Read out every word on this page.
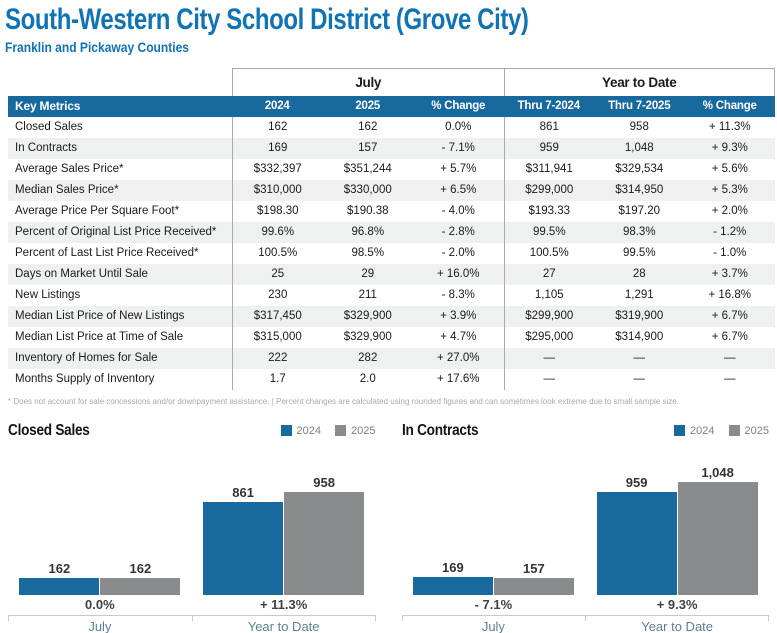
South-Western City School District (Grove City)
Franklin and Pickaway Counties
July	Year to Date
Key Metrics	2024	2025	% Change	Thru 7-2024	Thru 7-2025	% Change
Closed Sales	162	162	0.0%	861	958	+ 11.3%
In Contracts	169	157	- 7.1%	959	1,048	+ 9.3%
Average Sales Price*	$332,397	$351,244	+ 5.7%	$311,941	$329,534	+ 5.6%
Median Sales Price*	$310,000	$330,000	+ 6.5%	$299,000	$314,950	+ 5.3%
Average Price Per Square Foot*	$198.30	$190.38	- 4.0%	$193.33	$197.20	+ 2.0%
Percent of Original List Price Received*	99.6%	96.8%	- 2.8%	99.5%	98.3%	- 1.2%
Percent of Last List Price Received*	100.5%	98.5%	- 2.0%	100.5%	99.5%	- 1.0%
Days on Market Until Sale	25	29	+ 16.0%	27	28	+ 3.7%
New Listings	230	211	- 8.3%	1,105	1,291	+ 16.8%
Median List Price of New Listings	$317,450	$329,900	+ 3.9%	$299,900	$319,900	+ 6.7%
Median List Price at Time of Sale	$315,000	$329,900	+ 4.7%	$295,000	$314,900	+ 6.7%
Inventory of Homes for Sale	222	282	+ 27.0%	—	—	—
Months Supply of Inventory	1.7	2.0	+ 17.6%	—	—	—
* Does not account for sale concessions and/or downpayment assistance. | Percent changes are calculated using rounded figures and can sometimes look extreme due to small sample size.
Closed Sales	2024	2025
162	162
861
958
0.0%	+ 11.3%
July	Year to Date
In Contracts	2024	2025
169	157
959
1,048
- 7.1%	+ 9.3%
July	Year to Date
